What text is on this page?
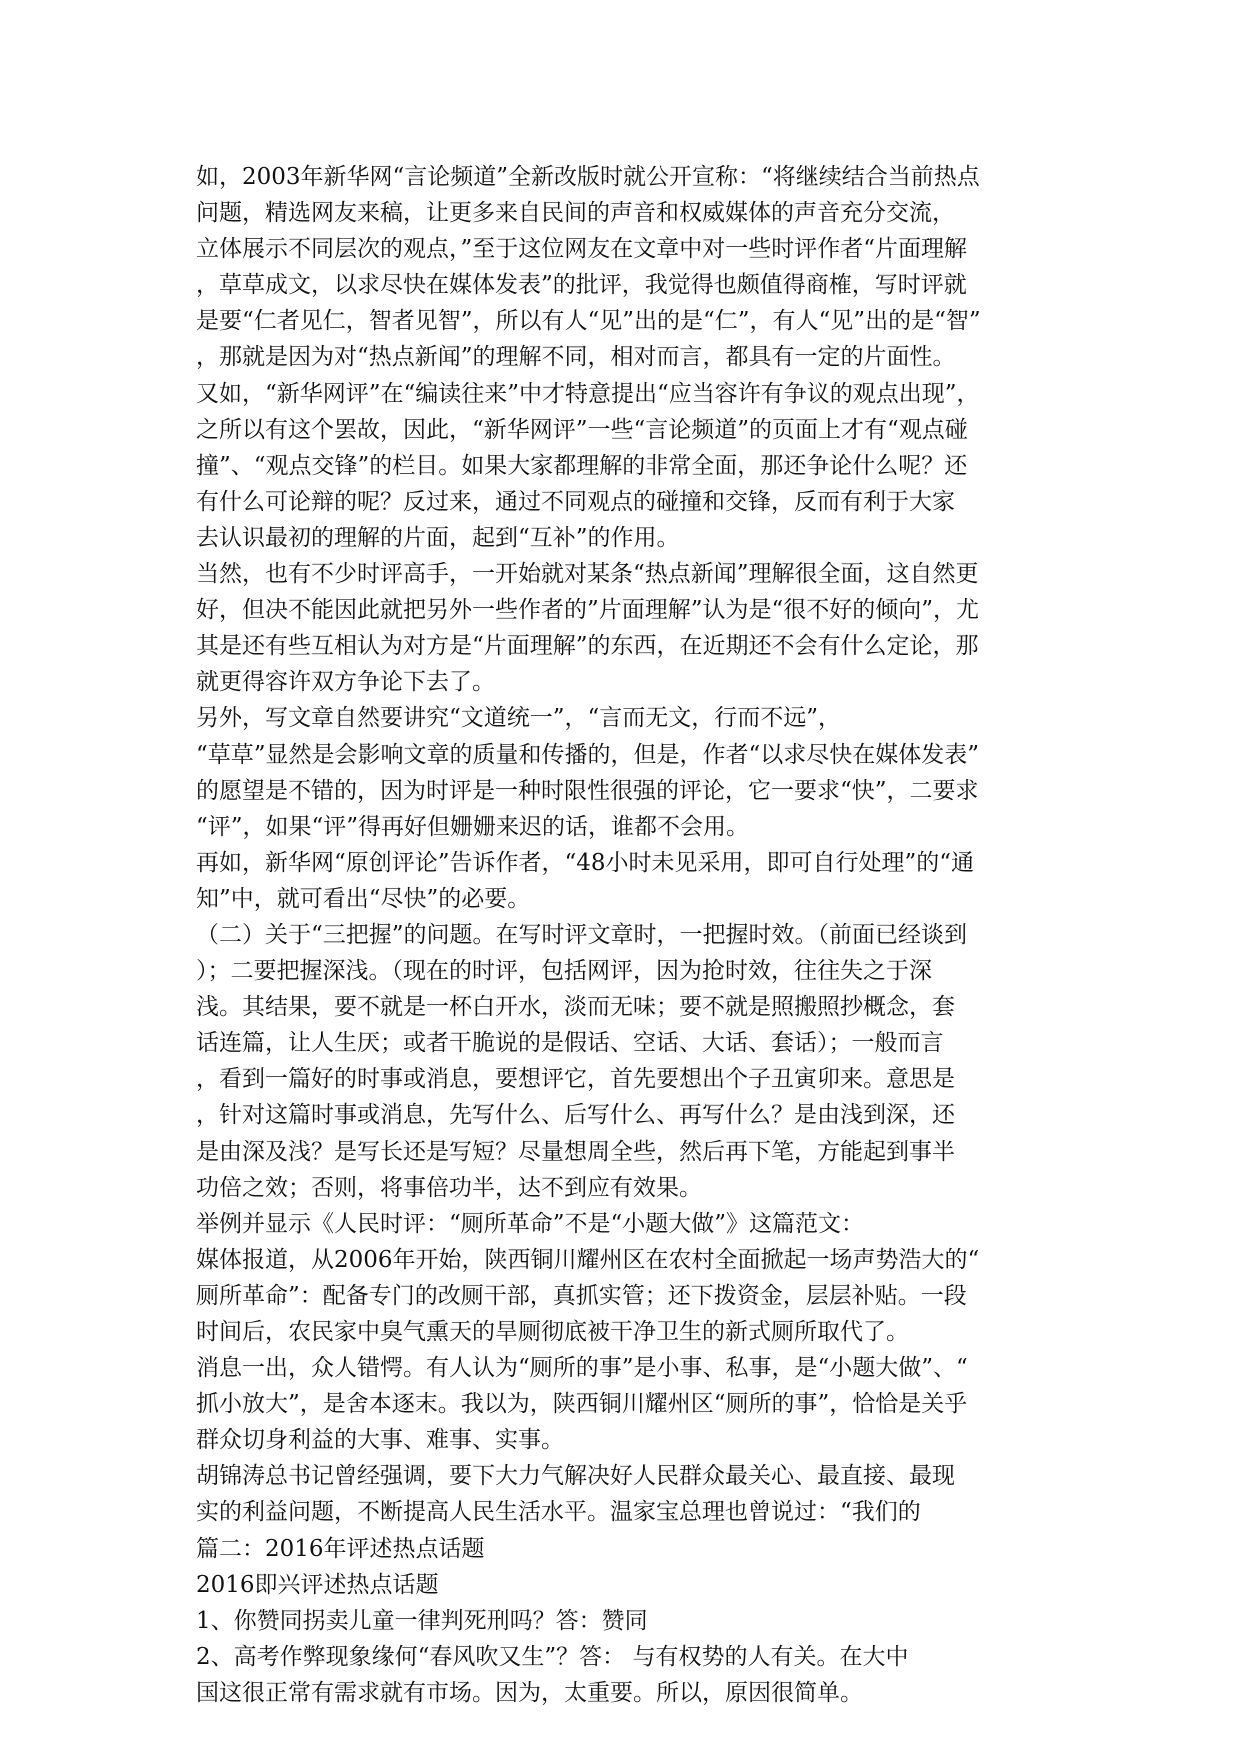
如，2003年新华网“言论频道”全新改版时就公开宣称：“将继续结合当前热点
问题，精选网友来稿，让更多来自民间的声音和权威媒体的声音充分交流，
立体展示不同层次的观点，”至于这位网友在文章中对一些时评作者“片面理解
，草草成文，以求尽快在媒体发表”的批评，我觉得也颇值得商榷，写时评就
是要“仁者见仁，智者见智”，所以有人“见”出的是“仁”，有人“见”出的是“智”
，那就是因为对“热点新闻”的理解不同，相对而言，都具有一定的片面性。
又如，“新华网评”在“编读往来”中才特意提出“应当容许有争议的观点出现”，
之所以有这个罢故，因此，“新华网评”一些“言论频道”的页面上才有“观点碰
撞”、“观点交锋”的栏目。如果大家都理解的非常全面，那还争论什么呢？还
有什么可论辩的呢？反过来，通过不同观点的碰撞和交锋，反而有利于大家
去认识最初的理解的片面，起到“互补”的作用。
当然，也有不少时评高手，一开始就对某条“热点新闻”理解很全面，这自然更
好，但决不能因此就把另外一些作者的”片面理解”认为是“很不好的倾向”，尤
其是还有些互相认为对方是“片面理解”的东西，在近期还不会有什么定论，那
就更得容许双方争论下去了。
另外，写文章自然要讲究“文道统一”，“言而无文，行而不远”，
“草草”显然是会影响文章的质量和传播的，但是，作者“以求尽快在媒体发表”
的愿望是不错的，因为时评是一种时限性很强的评论，它一要求“快”，二要求
“评”，如果“评”得再好但姗姗来迟的话，谁都不会用。
再如，新华网“原创评论”告诉作者，“48小时未见采用，即可自行处理”的“通
知”中，就可看出“尽快”的必要。
（二）关于“三把握”的问题。在写时评文章时，一把握时效。（前面已经谈到
）；二要把握深浅。（现在的时评，包括网评，因为抢时效，往往失之于深
浅。其结果，要不就是一杯白开水，淡而无味；要不就是照搬照抄概念，套
话连篇，让人生厌；或者干脆说的是假话、空话、大话、套话）；一般而言
，看到一篇好的时事或消息，要想评它，首先要想出个子丑寅卯来。意思是
，针对这篇时事或消息，先写什么、后写什么、再写什么？是由浅到深，还
是由深及浅？是写长还是写短？尽量想周全些，然后再下笔，方能起到事半
功倍之效；否则，将事倍功半，达不到应有效果。
举例并显示《人民时评：“厕所革命”不是“小题大做”》这篇范文：
媒体报道，从2006年开始，陕西铜川耀州区在农村全面掀起一场声势浩大的“
厕所革命”：配备专门的改厕干部，真抓实管；还下拨资金，层层补贴。一段
时间后，农民家中臭气熏天的旱厕彻底被干净卫生的新式厕所取代了。
消息一出，众人错愕。有人认为“厕所的事”是小事、私事，是“小题大做”、“
抓小放大”，是舍本逐末。我以为，陕西铜川耀州区“厕所的事”，恰恰是关乎
群众切身利益的大事、难事、实事。
胡锦涛总书记曾经强调，要下大力气解决好人民群众最关心、最直接、最现
实的利益问题，不断提高人民生活水平。温家宝总理也曾说过：“我们的
篇二：2016年评述热点话题
2016即兴评述热点话题
1、你赞同拐卖儿童一律判死刑吗？答：赞同
2、高考作弊现象缘何“春风吹又生”？答： 与有权势的人有关。在大中
国这很正常有需求就有市场。因为，太重要。所以，原因很简单。
